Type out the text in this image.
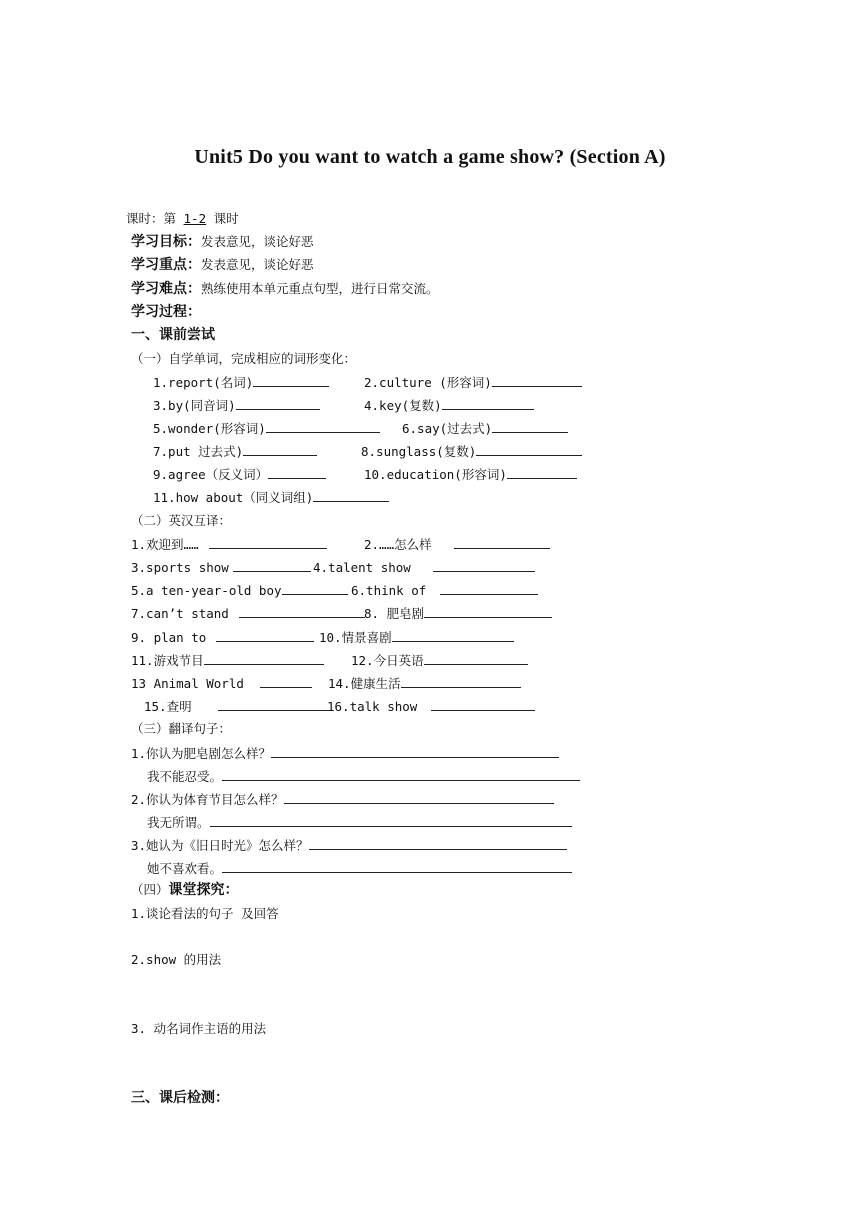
Unit5 Do you want to watch a game show? (Section A)
课时：第 1-2 课时
学习目标：发表意见，谈论好恶
学习重点：发表意见，谈论好恶
学习难点：熟练使用本单元重点句型，进行日常交流。
学习过程：
一、课前尝试
（一）自学单词，完成相应的词形变化：
1.report(名词)	2.culture (形容词)
3.by(同音词)	4.key(复数)
5.wonder(形容词)	6.say(过去式)
7.put 过去式)	8.sunglass(复数)
9.agree（反义词）	10.education(形容词)
11.how about（同义词组)
（二）英汉互译：
1.欢迎到……	2.……怎么样
3.sports show	4.talent show
5.a ten-year-old boy	6.think of
7.can’t stand	8. 肥皂剧
9. plan to	10.情景喜剧
11.游戏节目	12.今日英语
13 Animal World	14.健康生活
15.查明	16.talk show
（三）翻译句子：
1.你认为肥皂剧怎么样？
我不能忍受。
2.你认为体育节目怎么样？
我无所谓。
3.她认为《旧日时光》怎么样？
她不喜欢看。
（四）课堂探究：
1.谈论看法的句子 及回答
2.show 的用法
3. 动名词作主语的用法
三、课后检测：
